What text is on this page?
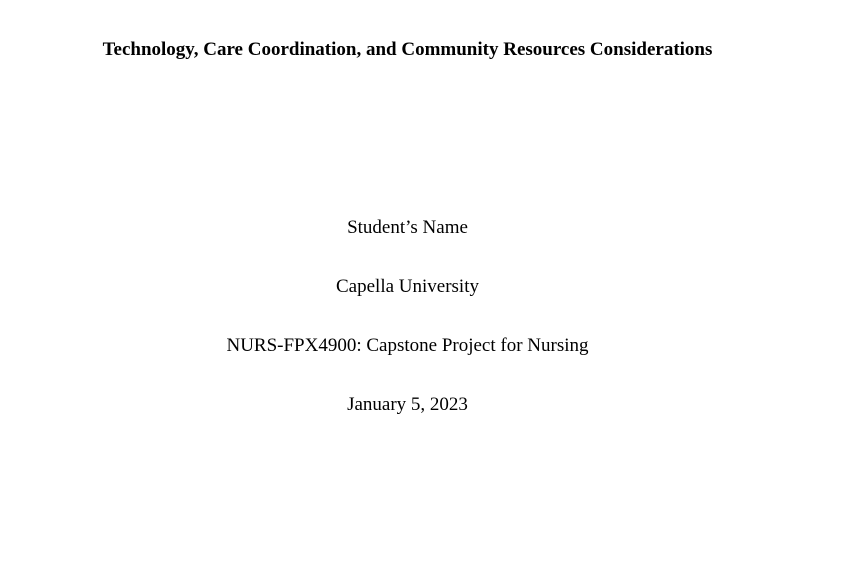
Technology, Care Coordination, and Community Resources Considerations
Student’s Name
Capella University
NURS-FPX4900: Capstone Project for Nursing
January 5, 2023
